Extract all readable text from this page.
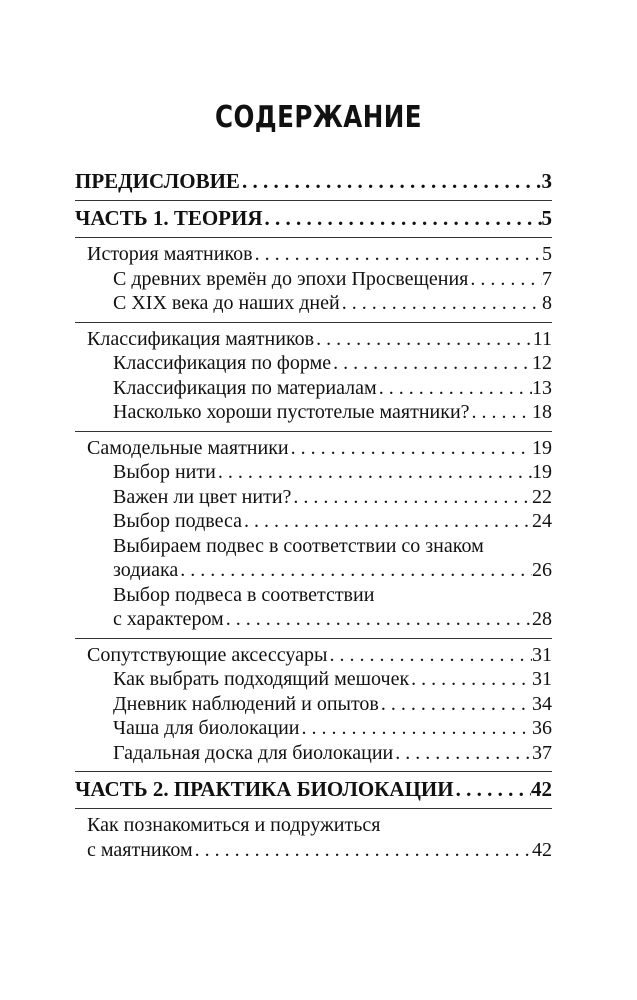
СОДЕРЖАНИЕ
ПРЕДИСЛОВИЕ . . .	3
ЧАСТЬ 1. ТЕОРИЯ . . .	5
История маятников . . .	5
С древних времён до эпохи Просвещения . . .	7
С XIX века до наших дней . . .	8
Классификация маятников . . .	11
Классификация по форме . . .	12
Классификация по материалам . . .	13
Насколько хороши пустотелые маятники? . . .	18
Самодельные маятники . . .	19
Выбор нити . . .	19
Важен ли цвет нити? . . .	22
Выбор подвеса . . .	24
Выбираем подвес в соответствии со знаком
зодиака . . .	26
Выбор подвеса в соответствии
с характером . . .	28
Сопутствующие аксессуары . . .	31
Как выбрать подходящий мешочек . . .	31
Дневник наблюдений и опытов . . .	34
Чаша для биолокации . . .	36
Гадальная доска для биолокации . . .	37
ЧАСТЬ 2. ПРАКТИКА БИОЛОКАЦИИ . . .	42
Как познакомиться и подружиться
с маятником . . .	42
